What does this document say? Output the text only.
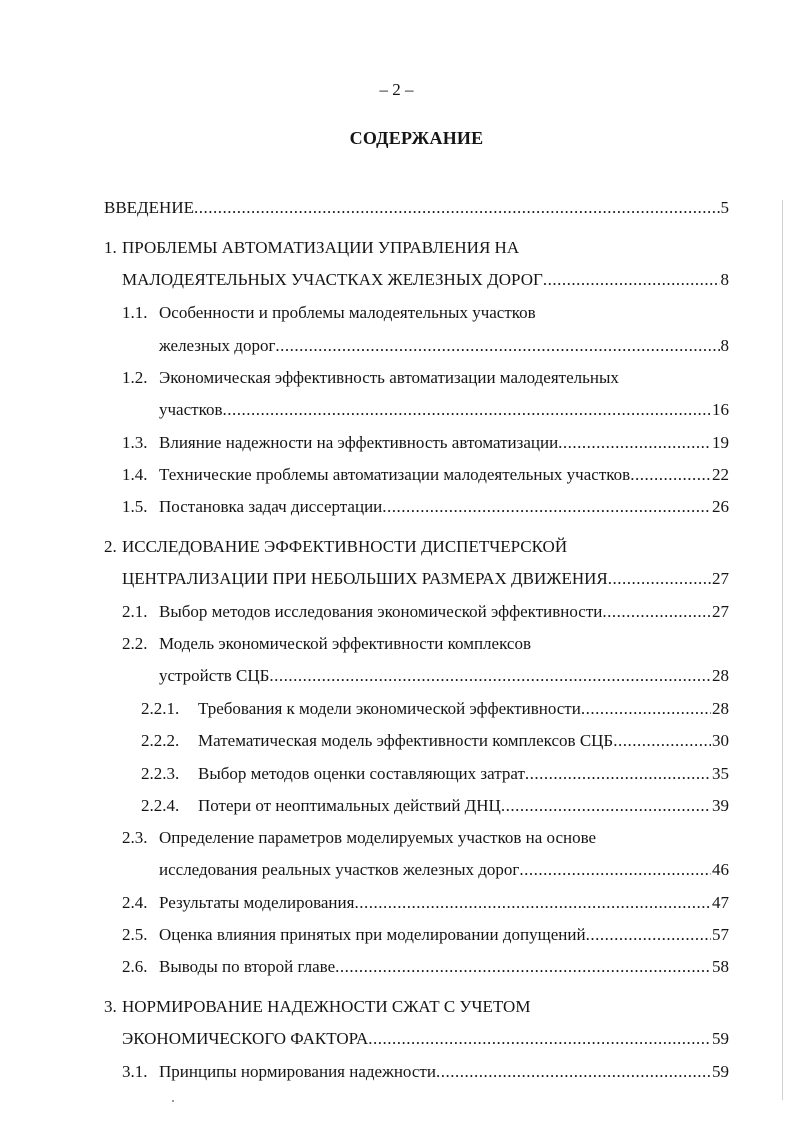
– 2 –
СОДЕРЖАНИЕ
ВВЕДЕНИЕ .....	5
1. ПРОБЛЕМЫ АВТОМАТИЗАЦИИ УПРАВЛЕНИЯ НА
МАЛОДЕЯТЕЛЬНЫХ УЧАСТКАХ ЖЕЛЕЗНЫХ ДОРОГ .....	8
1.1. Особенности и проблемы малодеятельных участков
железных дорог .....	8
1.2. Экономическая эффективность автоматизации малодеятельных
участков .....	16
1.3. Влияние надежности на эффективность автоматизации .....	19
1.4. Технические проблемы автоматизации малодеятельных участков .....	22
1.5. Постановка задач диссертации .....	26
2. ИССЛЕДОВАНИЕ ЭФФЕКТИВНОСТИ ДИСПЕТЧЕРСКОЙ
ЦЕНТРАЛИЗАЦИИ ПРИ НЕБОЛЬШИХ РАЗМЕРАХ ДВИЖЕНИЯ .....	27
2.1. Выбор методов исследования экономической эффективности .....	27
2.2. Модель экономической эффективности комплексов
устройств СЦБ .....	28
2.2.1.	Требования к модели экономической эффективности .....	28
2.2.2.	Математическая модель эффективности комплексов СЦБ .....	30
2.2.3.	Выбор методов оценки составляющих затрат .....	35
2.2.4.	Потери от неоптимальных действий ДНЦ .....	39
2.3. Определение параметров моделируемых участков на основе
исследования реальных участков железных дорог .....	46
2.4. Результаты моделирования .....	47
2.5. Оценка влияния принятых при моделировании допущений .....	57
2.6. Выводы по второй главе .....	58
3. НОРМИРОВАНИЕ НАДЕЖНОСТИ СЖАТ С УЧЕТОМ
ЭКОНОМИЧЕСКОГО ФАКТОРА .....	59
3.1. Принципы нормирования надежности .....	59
